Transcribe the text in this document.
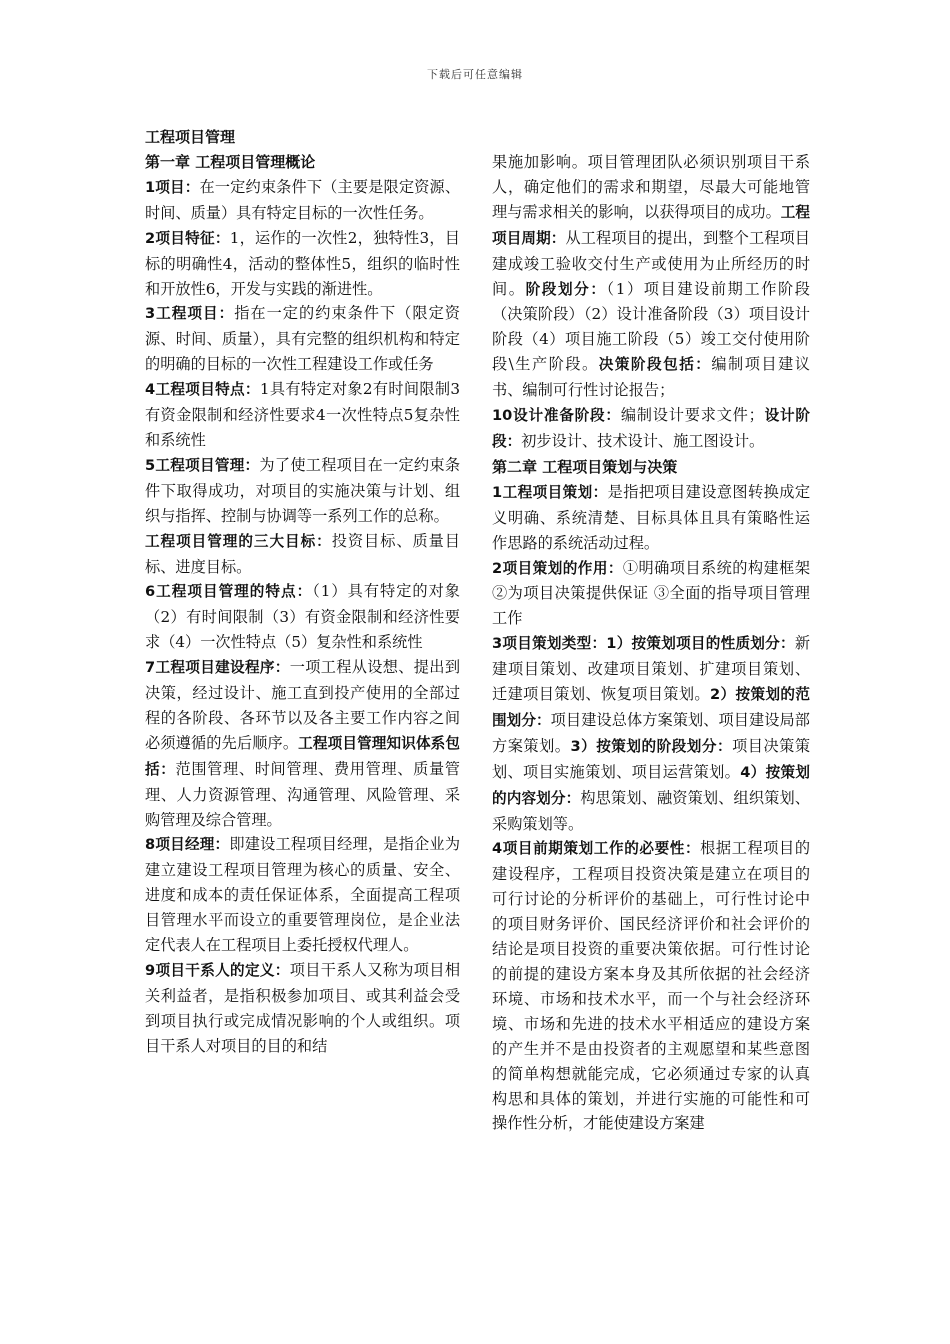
下载后可任意编辑
工程项目管理

第一章 工程项目管理概论

1项目：在一定约束条件下（主要是限定资源、时间、质量）具有特定目标的一次性任务。

2项目特征：1，运作的一次性2，独特性3，目标的明确性4，活动的整体性5，组织的临时性和开放性6，开发与实践的渐进性。

3工程项目：指在一定的约束条件下（限定资源、时间、质量），具有完整的组织机构和特定的明确的目标的一次性工程建设工作或任务

4工程项目特点：1具有特定对象2有时间限制3有资金限制和经济性要求4一次性特点5复杂性和系统性

5工程项目管理：为了使工程项目在一定约束条件下取得成功，对项目的实施决策与计划、组织与指挥、控制与协调等一系列工作的总称。

工程项目管理的三大目标：投资目标、质量目标、进度目标。

6工程项目管理的特点：（1）具有特定的对象（2）有时间限制（3）有资金限制和经济性要求（4）一次性特点（5）复杂性和系统性

7工程项目建设程序：一项工程从设想、提出到决策，经过设计、施工直到投产使用的全部过程的各阶段、各环节以及各主要工作内容之间必须遵循的先后顺序。工程项目管理知识体系包括：范围管理、时间管理、费用管理、质量管理、人力资源管理、沟通管理、风险管理、采购管理及综合管理。

8项目经理：即建设工程项目经理，是指企业为建立建设工程项目管理为核心的质量、安全、进度和成本的责任保证体系，全面提高工程项目管理水平而设立的重要管理岗位，是企业法定代表人在工程项目上委托授权代理人。

9项目干系人的定义：项目干系人又称为项目相关利益者，是指积极参加项目、或其利益会受到项目执行或完成情况影响的个人或组织。项目干系人对项目的目的和结

果施加影响。项目管理团队必须识别项目干系人，确定他们的需求和期望，尽最大可能地管理与需求相关的影响，以获得项目的成功。工程项目周期：从工程项目的提出，到整个工程项目建成竣工验收交付生产或使用为止所经历的时间。阶段划分：（1）项目建设前期工作阶段（决策阶段）（2）设计准备阶段（3）项目设计阶段（4）项目施工阶段（5）竣工交付使用阶段\生产阶段。决策阶段包括：编制项目建议书、编制可行性讨论报告；

10设计准备阶段：编制设计要求文件；设计阶段：初步设计、技术设计、施工图设计。

第二章 工程项目策划与决策

1工程项目策划：是指把项目建设意图转换成定义明确、系统清楚、目标具体且具有策略性运作思路的系统活动过程。

2项目策划的作用：①明确项目系统的构建框架 ②为项目决策提供保证 ③全面的指导项目管理工作

3项目策划类型：1）按策划项目的性质划分：新建项目策划、改建项目策划、扩建项目策划、迁建项目策划、恢复项目策划。2）按策划的范围划分：项目建设总体方案策划、项目建设局部方案策划。3）按策划的阶段划分：项目决策策划、项目实施策划、项目运营策划。4）按策划的内容划分：构思策划、融资策划、组织策划、采购策划等。

4项目前期策划工作的必要性：根据工程项目的建设程序，工程项目投资决策是建立在项目的可行讨论的分析评价的基础上，可行性讨论中的项目财务评价、国民经济评价和社会评价的结论是项目投资的重要决策依据。可行性讨论的前提的建设方案本身及其所依据的社会经济环境、市场和技术水平，而一个与社会经济环境、市场和先进的技术水平相适应的建设方案的产生并不是由投资者的主观愿望和某些意图的简单构想就能完成，它必须通过专家的认真构思和具体的策划，并进行实施的可能性和可操作性分析，才能使建设方案建
